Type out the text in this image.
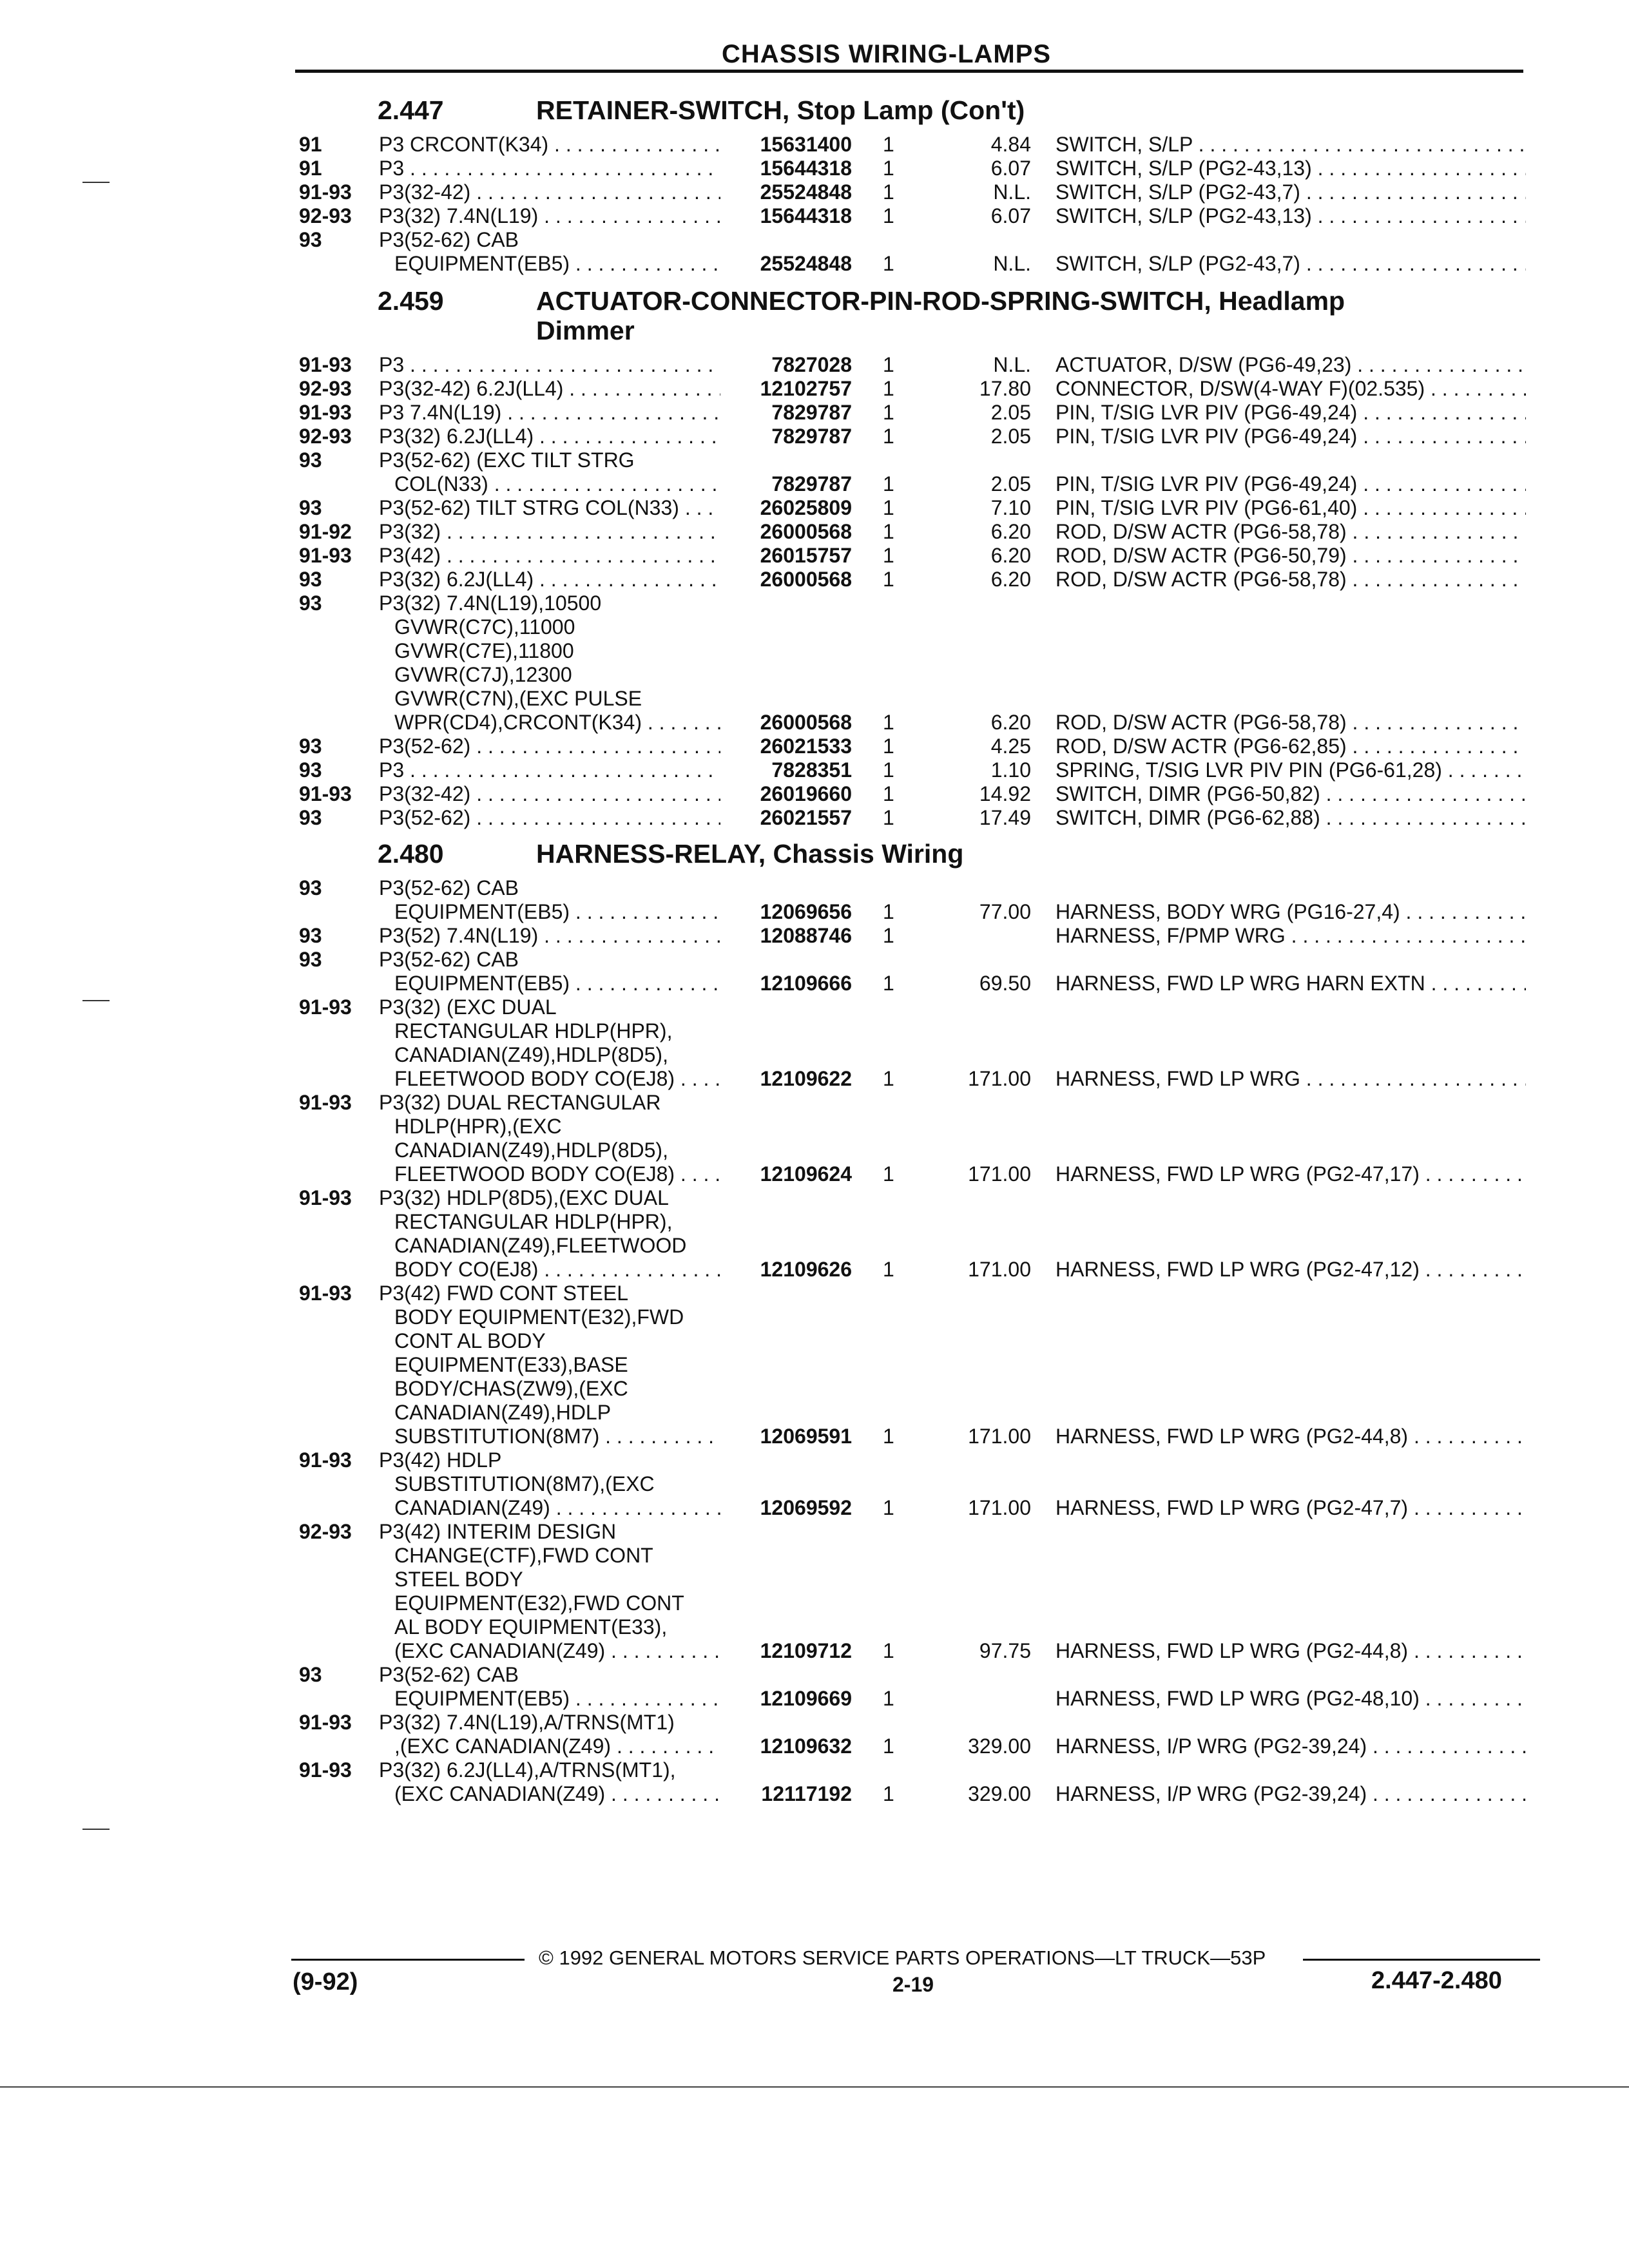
CHASSIS WIRING-LAMPS
2.447	RETAINER-SWITCH, Stop Lamp (Con't)
91	P3 CRCONT(K34) . . .	15631400 1	4.84 SWITCH, S/LP . . .
91	P3 . . .	15644318 1	6.07 SWITCH, S/LP (PG2-43,13) . . .
91-93 P3(32-42) . . .	25524848 1	N.L. SWITCH, S/LP (PG2-43,7) . . .
92-93 P3(32) 7.4N(L19) . . .	15644318 1	6.07 SWITCH, S/LP (PG2-43,13) . . .
93	P3(52-62) CAB
EQUIPMENT(EB5) . . .	25524848 1	N.L. SWITCH, S/LP (PG2-43,7) . . .
2.459	ACTUATOR-CONNECTOR-PIN-ROD-SPRING-SWITCH, Headlamp
Dimmer
91-93 P3 . . .	7827028 1	N.L. ACTUATOR, D/SW (PG6-49,23) . . .
92-93 P3(32-42) 6.2J(LL4) . . .	12102757 1	17.80 CONNECTOR, D/SW(4-WAY F)(02.535) . . .
91-93 P3 7.4N(L19) . . .	7829787 1	2.05 PIN, T/SIG LVR PIV (PG6-49,24) . . .
92-93 P3(32) 6.2J(LL4) . . .	7829787 1	2.05 PIN, T/SIG LVR PIV (PG6-49,24) . . .
93	P3(52-62) (EXC TILT STRG
COL(N33) . . .	7829787 1	2.05 PIN, T/SIG LVR PIV (PG6-49,24) . . .
93	P3(52-62) TILT STRG COL(N33) . . .	26025809 1	7.10 PIN, T/SIG LVR PIV (PG6-61,40) . . .
91-92 P3(32) . . .	26000568 1	6.20 ROD, D/SW ACTR (PG6-58,78) . . .
91-93 P3(42) . . .	26015757 1	6.20 ROD, D/SW ACTR (PG6-50,79) . . .
93	P3(32) 6.2J(LL4) . . .	26000568 1	6.20 ROD, D/SW ACTR (PG6-58,78) . . .
93	P3(32) 7.4N(L19),10500
GVWR(C7C),11000
GVWR(C7E),11800
GVWR(C7J),12300
GVWR(C7N),(EXC PULSE
WPR(CD4),CRCONT(K34) . . .	26000568 1	6.20 ROD, D/SW ACTR (PG6-58,78) . . .
93	P3(52-62) . . .	26021533 1	4.25 ROD, D/SW ACTR (PG6-62,85) . . .
93	P3 . . .	7828351 1	1.10 SPRING, T/SIG LVR PIV PIN (PG6-61,28) . . .
91-93 P3(32-42) . . .	26019660 1	14.92 SWITCH, DIMR (PG6-50,82) . . .
93	P3(52-62) . . .	26021557 1	17.49 SWITCH, DIMR (PG6-62,88) . . .
2.480	HARNESS-RELAY, Chassis Wiring
93	P3(52-62) CAB
EQUIPMENT(EB5) . . .	12069656 1	77.00 HARNESS, BODY WRG (PG16-27,4) . . .
93	P3(52) 7.4N(L19) . . .	12088746 1	HARNESS, F/PMP WRG . . .
93	P3(52-62) CAB
EQUIPMENT(EB5) . . .	12109666 1	69.50 HARNESS, FWD LP WRG HARN EXTN . . .
91-93 P3(32) (EXC DUAL
RECTANGULAR HDLP(HPR),
CANADIAN(Z49),HDLP(8D5),
FLEETWOOD BODY CO(EJ8) . . .	12109622 1	171.00 HARNESS, FWD LP WRG . . .
91-93 P3(32) DUAL RECTANGULAR
HDLP(HPR),(EXC
CANADIAN(Z49),HDLP(8D5),
FLEETWOOD BODY CO(EJ8) . . .	12109624 1	171.00 HARNESS, FWD LP WRG (PG2-47,17) . . .
91-93 P3(32) HDLP(8D5),(EXC DUAL
RECTANGULAR HDLP(HPR),
CANADIAN(Z49),FLEETWOOD
BODY CO(EJ8) . . .	12109626 1	171.00 HARNESS, FWD LP WRG (PG2-47,12) . . .
91-93 P3(42) FWD CONT STEEL
BODY EQUIPMENT(E32),FWD
CONT AL BODY
EQUIPMENT(E33),BASE
BODY/CHAS(ZW9),(EXC
CANADIAN(Z49),HDLP
SUBSTITUTION(8M7) . . .	12069591 1	171.00 HARNESS, FWD LP WRG (PG2-44,8) . . .
91-93 P3(42) HDLP
SUBSTITUTION(8M7),(EXC
CANADIAN(Z49) . . .	12069592 1	171.00 HARNESS, FWD LP WRG (PG2-47,7) . . .
92-93 P3(42) INTERIM DESIGN
CHANGE(CTF),FWD CONT
STEEL BODY
EQUIPMENT(E32),FWD CONT
AL BODY EQUIPMENT(E33),
(EXC CANADIAN(Z49) . . .	12109712 1	97.75 HARNESS, FWD LP WRG (PG2-44,8) . . .
93	P3(52-62) CAB
EQUIPMENT(EB5) . . .	12109669 1	HARNESS, FWD LP WRG (PG2-48,10) . . .
91-93 P3(32) 7.4N(L19),A/TRNS(MT1)
,(EXC CANADIAN(Z49) . . .	12109632 1	329.00 HARNESS, I/P WRG (PG2-39,24) . . .
91-93 P3(32) 6.2J(LL4),A/TRNS(MT1),
(EXC CANADIAN(Z49) . . .	12117192 1	329.00 HARNESS, I/P WRG (PG2-39,24) . . .
© 1992 GENERAL MOTORS SERVICE PARTS OPERATIONS—LT TRUCK—53P
(9-92)	2-19	2.447-2.480
